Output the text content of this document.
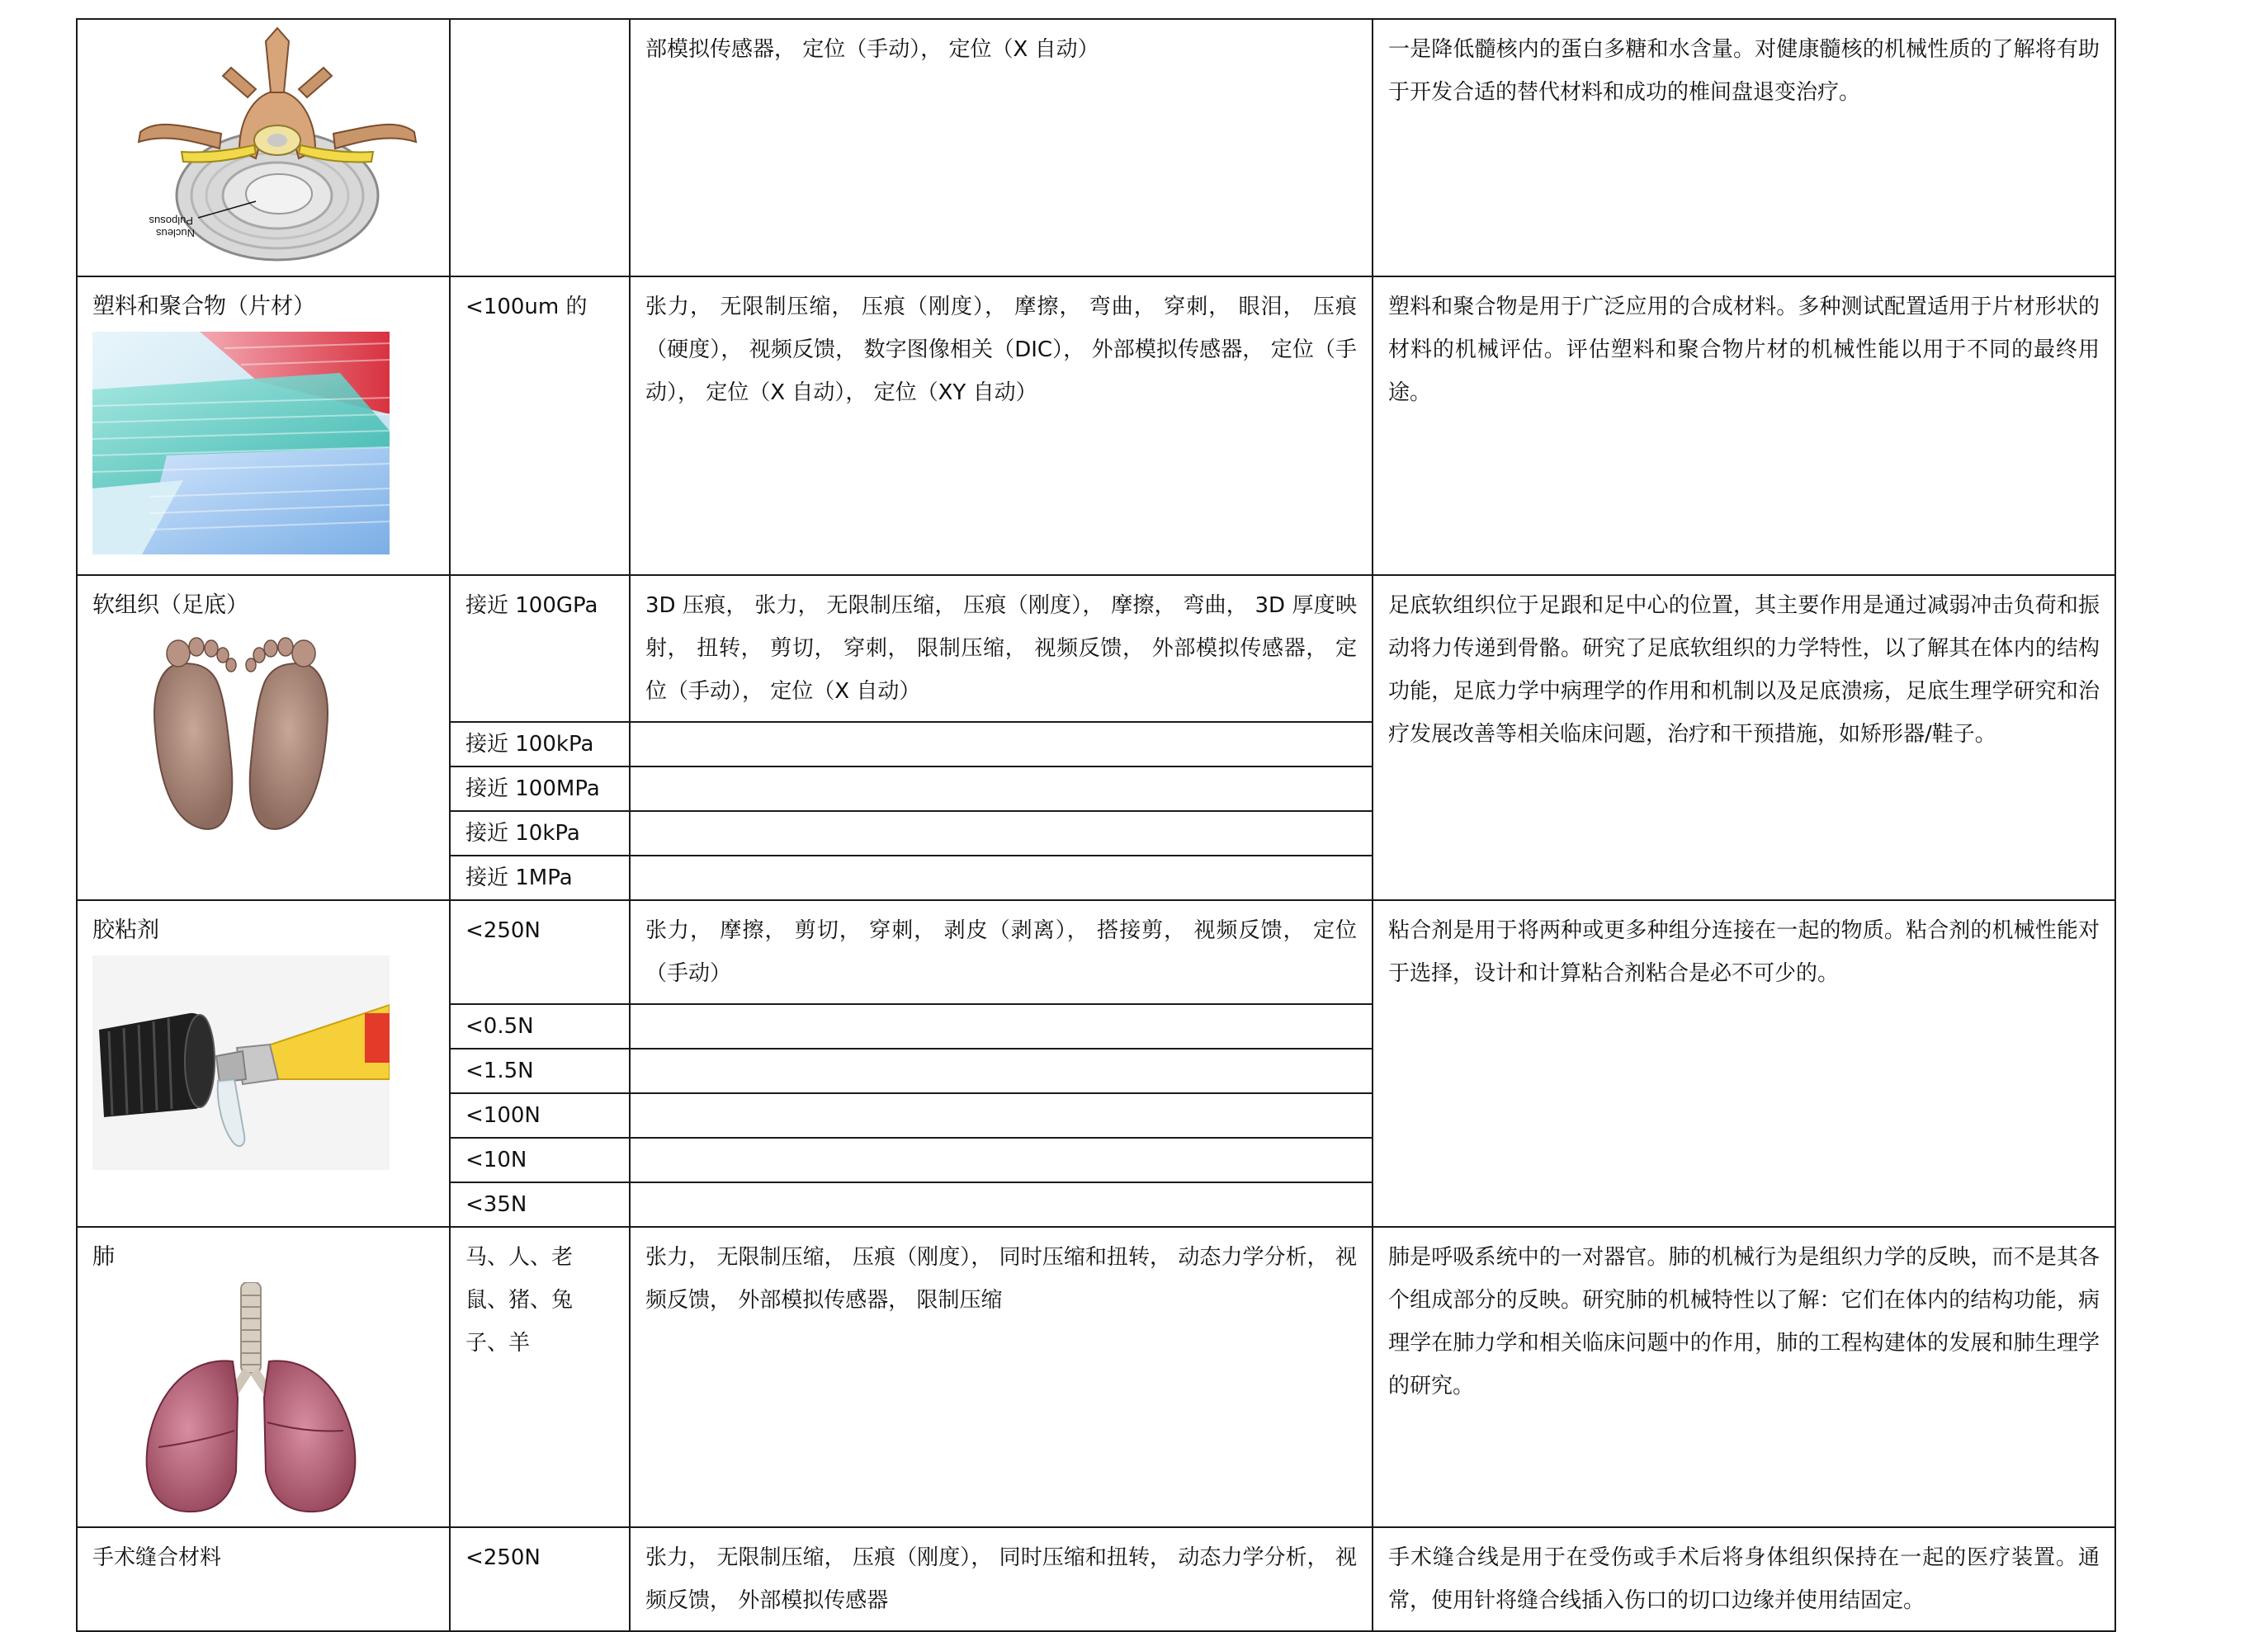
Nucleus
Pulposus		部模拟传感器， 定位（手动）， 定位（X 自动）	一是降低髓核内的蛋白多糖和水含量。对健康髓核的机械性质的了解将有助于开发合适的替代材料和成功的椎间盘退变治疗。

塑料和聚合物（片材）	<100um 的	张力， 无限制压缩， 压痕（刚度）， 摩擦， 弯曲， 穿刺， 眼泪， 压痕（硬度）， 视频反馈， 数字图像相关（DIC）， 外部模拟传感器， 定位（手动）， 定位（X 自动）， 定位（XY 自动）	塑料和聚合物是用于广泛应用的合成材料。多种测试配置适用于片材形状的材料的机械评估。评估塑料和聚合物片材的机械性能以用于不同的最终用途。

软组织（足底）	接近 100GPa	3D 压痕， 张力， 无限制压缩， 压痕（刚度）， 摩擦， 弯曲， 3D 厚度映射， 扭转， 剪切， 穿刺， 限制压缩， 视频反馈， 外部模拟传感器， 定位（手动）， 定位（X 自动）	足底软组织位于足跟和足中心的位置，其主要作用是通过减弱冲击负荷和振动将力传递到骨骼。研究了足底软组织的力学特性，以了解其在体内的结构功能，足底力学中病理学的作用和机制以及足底溃疡，足底生理学研究和治疗发展改善等相关临床问题，治疗和干预措施，如矫形器/鞋子。
	接近 100kPa		
	接近 100MPa		
	接近 10kPa		
	接近 1MPa		

胶粘剂	<250N	张力， 摩擦， 剪切， 穿刺， 剥皮（剥离）， 搭接剪， 视频反馈， 定位（手动）	粘合剂是用于将两种或更多种组分连接在一起的物质。粘合剂的机械性能对于选择，设计和计算粘合剂粘合是必不可少的。
	<0.5N		
	<1.5N		
	<100N		
	<10N		
	<35N		

肺	马、人、老鼠、猪、兔子、羊	张力， 无限制压缩， 压痕（刚度）， 同时压缩和扭转， 动态力学分析， 视频反馈， 外部模拟传感器， 限制压缩	肺是呼吸系统中的一对器官。肺的机械行为是组织力学的反映，而不是其各个组成部分的反映。研究肺的机械特性以了解：它们在体内的结构功能，病理学在肺力学和相关临床问题中的作用，肺的工程构建体的发展和肺生理学的研究。
手术缝合材料	<250N	张力， 无限制压缩， 压痕（刚度）， 同时压缩和扭转， 动态力学分析， 视频反馈， 外部模拟传感器	手术缝合线是用于在受伤或手术后将身体组织保持在一起的医疗装置。通常，使用针将缝合线插入伤口的切口边缘并使用结固定。
